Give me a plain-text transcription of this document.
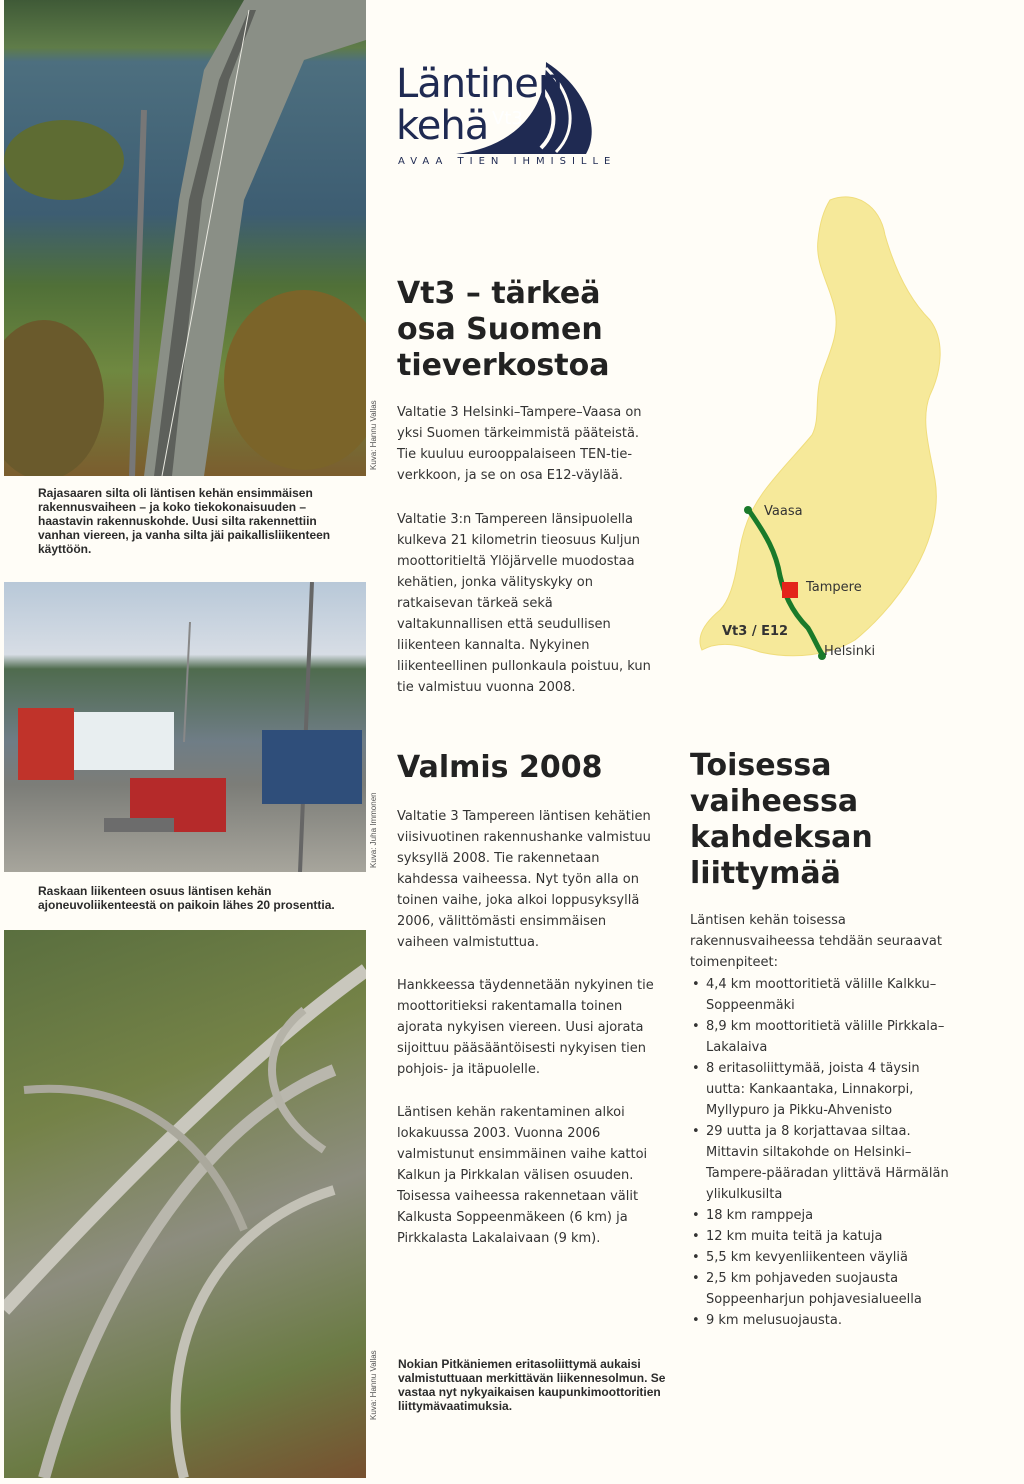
Rajasaaren silta oli läntisen kehän ensimmäisen rakennusvaiheen – ja koko tiekokonaisuuden – haastavin rakennuskohde. Uusi silta rakennettiin vanhan viereen, ja vanha silta jäi paikallisliikenteen käyttöön.
Raskaan liikenteen osuus läntisen kehän ajoneuvoliikenteestä on paikoin lähes 20 prosenttia.
Kuva: Hannu Vallas
Kuva: Juha Immonen
Kuva: Hannu Vallas
Läntinen
kehä Vt3
AVAA TIEN IHMISILLE
Vt3 – tärkeä
osa Suomen
tieverkostoa
Valtatie 3 Helsinki–Tampere–Vaasa on yksi Suomen tärkeimmistä pääteistä. Tie kuuluu eurooppalaiseen TEN-tie-verkkoon, ja se on osa E12-väylää.
Valtatie 3:n Tampereen länsipuolella kulkeva 21 kilometrin tieosuus Kuljun moottoritieltä Ylöjärvelle muodostaa kehätien, jonka välityskyky on ratkaisevan tärkeä sekä valtakunnallisen että seudullisen liikenteen kannalta. Nykyinen liikenteellinen pullonkaula poistuu, kun tie valmistuu vuonna 2008.
Vaasa
Tampere
Helsinki
Vt3 / E12
Valmis 2008
Valtatie 3 Tampereen läntisen kehätien viisivuotinen rakennushanke valmistuu syksyllä 2008. Tie rakennetaan kahdessa vaiheessa. Nyt työn alla on toinen vaihe, joka alkoi loppusyksyllä 2006, välittömästi ensimmäisen vaiheen valmistuttua.
Hankkeessa täydennetään nykyinen tie moottoritieksi rakentamalla toinen ajorata nykyisen viereen. Uusi ajorata sijoittuu pääsääntöisesti nykyisen tien pohjois- ja itäpuolelle.
Läntisen kehän rakentaminen alkoi lokakuussa 2003. Vuonna 2006 valmistunut ensimmäinen vaihe kattoi Kalkun ja Pirkkalan välisen osuuden. Toisessa vaiheessa rakennetaan välit Kalkusta Soppeenmäkeen (6 km) ja Pirkkalasta Lakalaivaan (9 km).
Toisessa
vaiheessa
kahdeksan
liittymää
Läntisen kehän toisessa rakennusvaiheessa tehdään seuraavat toimenpiteet:
• 4,4 km moottoritietä välille Kalkku–Soppeenmäki
• 8,9 km moottoritietä välille Pirkkala–Lakalaiva
• 8 eritasoliittymää, joista 4 täysin uutta: Kankaantaka, Linnakorpi, Myllypuro ja Pikku-Ahvenisto
• 29 uutta ja 8 korjattavaa siltaa. Mittavin siltakohde on Helsinki–Tampere-pääradan ylittävä Härmälän ylikulkusilta
• 18 km ramppeja
• 12 km muita teitä ja katuja
• 5,5 km kevyenliikenteen väyliä
• 2,5 km pohjaveden suojausta Soppeenharjun pohjavesialueella
• 9 km melusuojausta.
Nokian Pitkäniemen eritasoliittymä aukaisi valmistuttuaan merkittävän liikennesolmun. Se vastaa nyt nykyaikaisen kaupunkimoottoritien liittymävaatimuksia.
